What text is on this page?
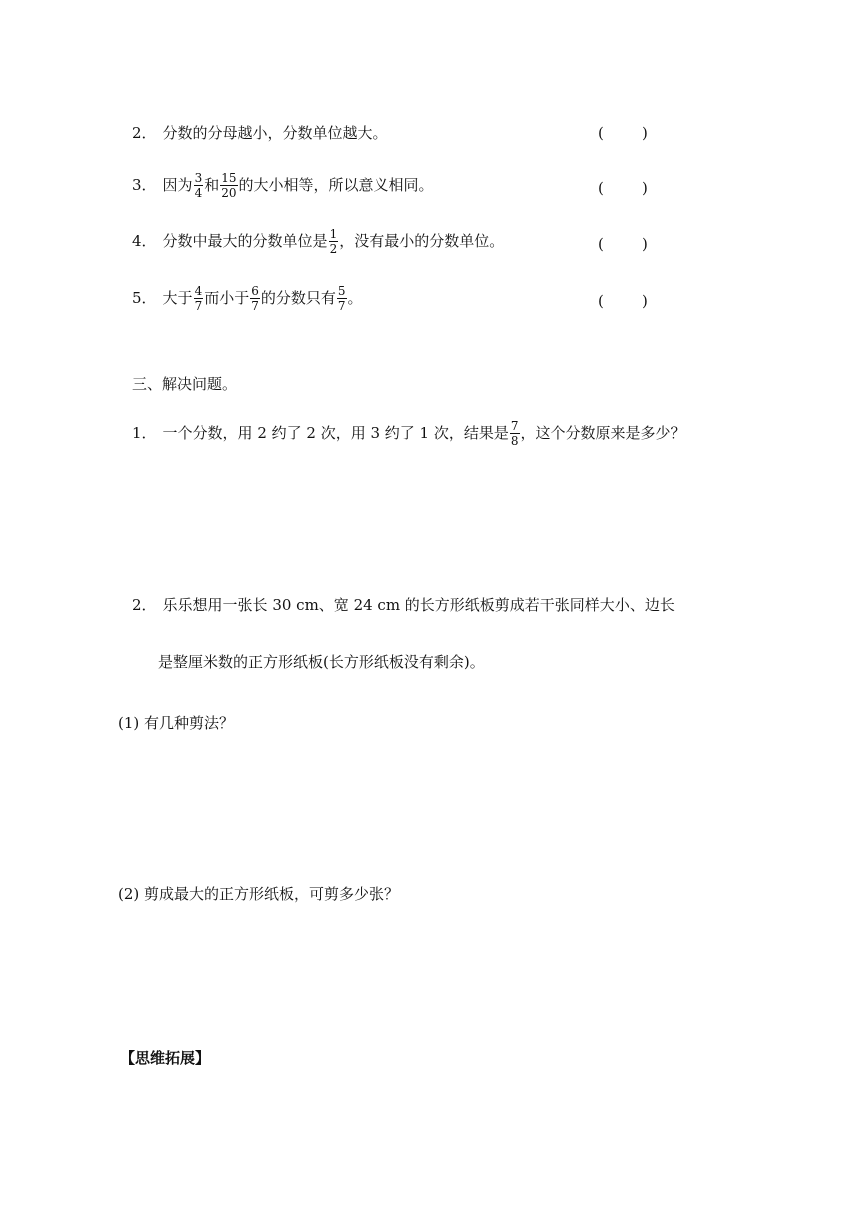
2． 分数的分母越小，分数单位越大。	(        )
3． 因为 $\frac{3}{4}$ 和 $\frac{15}{20}$ 的大小相等，所以意义相同。	(        )
4． 分数中最大的分数单位是 $\frac{1}{2}$ ，没有最小的分数单位。	(        )
5． 大于 $\frac{4}{7}$ 而小于 $\frac{6}{7}$ 的分数只有 $\frac{5}{7}$ 。	(        )
三、解决问题。
1． 一个分数，用 2 约了 2 次，用 3 约了 1 次，结果是 $\frac{7}{8}$ ，这个分数原来是多少？
2． 乐乐想用一张长 30 cm、宽 24 cm 的长方形纸板剪成若干张同样大小、边长
是整厘米数的正方形纸板(长方形纸板没有剩余)。
(1) 有几种剪法？
(2) 剪成最大的正方形纸板，可剪多少张？
【思维拓展】
